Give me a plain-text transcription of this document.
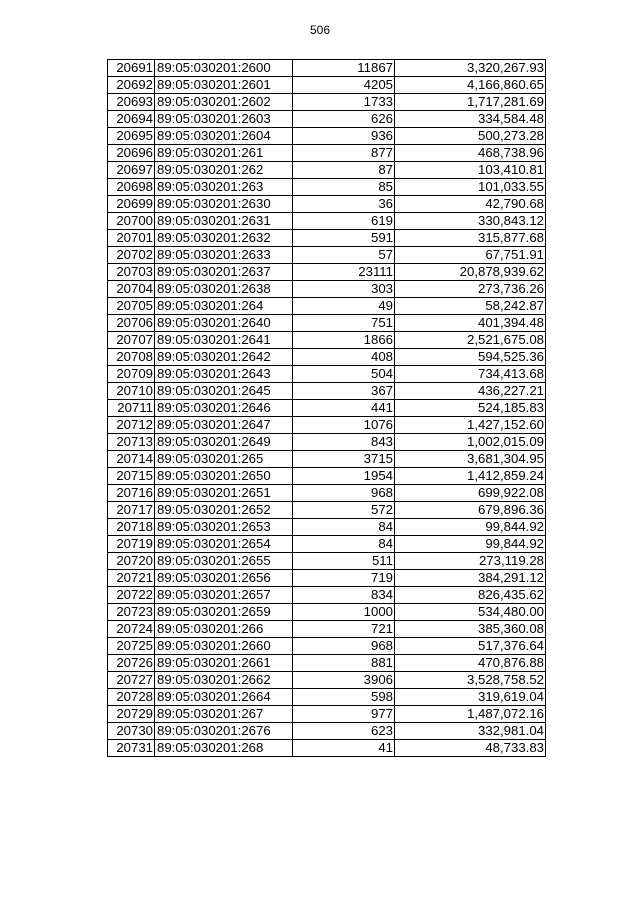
506
20691	89:05:030201:2600	11867	3,320,267.93
20692	89:05:030201:2601	4205	4,166,860.65
20693	89:05:030201:2602	1733	1,717,281.69
20694	89:05:030201:2603	626	334,584.48
20695	89:05:030201:2604	936	500,273.28
20696	89:05:030201:261	877	468,738.96
20697	89:05:030201:262	87	103,410.81
20698	89:05:030201:263	85	101,033.55
20699	89:05:030201:2630	36	42,790.68
20700	89:05:030201:2631	619	330,843.12
20701	89:05:030201:2632	591	315,877.68
20702	89:05:030201:2633	57	67,751.91
20703	89:05:030201:2637	23111	20,878,939.62
20704	89:05:030201:2638	303	273,736.26
20705	89:05:030201:264	49	58,242.87
20706	89:05:030201:2640	751	401,394.48
20707	89:05:030201:2641	1866	2,521,675.08
20708	89:05:030201:2642	408	594,525.36
20709	89:05:030201:2643	504	734,413.68
20710	89:05:030201:2645	367	436,227.21
20711	89:05:030201:2646	441	524,185.83
20712	89:05:030201:2647	1076	1,427,152.60
20713	89:05:030201:2649	843	1,002,015.09
20714	89:05:030201:265	3715	3,681,304.95
20715	89:05:030201:2650	1954	1,412,859.24
20716	89:05:030201:2651	968	699,922.08
20717	89:05:030201:2652	572	679,896.36
20718	89:05:030201:2653	84	99,844.92
20719	89:05:030201:2654	84	99,844.92
20720	89:05:030201:2655	511	273,119.28
20721	89:05:030201:2656	719	384,291.12
20722	89:05:030201:2657	834	826,435.62
20723	89:05:030201:2659	1000	534,480.00
20724	89:05:030201:266	721	385,360.08
20725	89:05:030201:2660	968	517,376.64
20726	89:05:030201:2661	881	470,876.88
20727	89:05:030201:2662	3906	3,528,758.52
20728	89:05:030201:2664	598	319,619.04
20729	89:05:030201:267	977	1,487,072.16
20730	89:05:030201:2676	623	332,981.04
20731	89:05:030201:268	41	48,733.83
